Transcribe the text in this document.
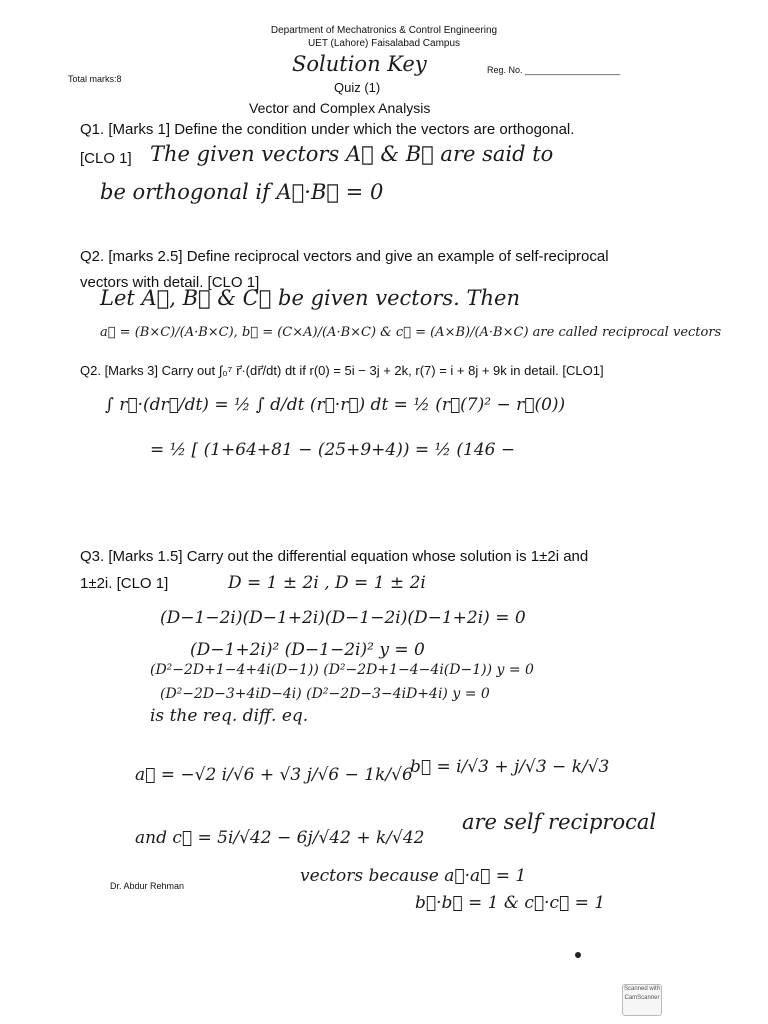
Department of Mechatronics & Control Engineering
UET (Lahore) Faisalabad Campus
Solution Key
Total marks:8
Reg. No. ___________________
Quiz (1)
Vector and Complex Analysis
Q1. [Marks 1] Define the condition under which the vectors are orthogonal.
[CLO 1] The given vectors A⃗ & B⃗ are said to
be orthogonal if A⃗·B⃗ = 0
Q2. [marks 2.5] Define reciprocal vectors and give an example of self-reciprocal
vectors with detail. [CLO 1]
Let A⃗, B⃗ & C⃗ be given vectors. Then
a⃗ = (B×C)/(A·B×C), b⃗ = (C×A)/(A·B×C) & c⃗ = (A×B)/(A·B×C) are called reciprocal vectors
Q2. [Marks 3] Carry out ∫₀⁷ r⃗·(dr⃗/dt) dt if r(0) = 5i − 3j + 2k, r(7) = i + 8j + 9k in detail. [CLO1]
∫ r⃗·(dr⃗/dt) = ½ ∫ d/dt (r⃗·r⃗) dt = ½ (r⃗(7)² − r⃗(0))
= ½ [ (1+64+81 − (25+9+4)) = ½ (146 −
Q3. [Marks 1.5] Carry out the differential equation whose solution is 1±2i and
1±2i. [CLO 1]	D = 1 ± 2i , D = 1 ± 2i
(D−1−2i)(D−1+2i)(D−1−2i)(D−1+2i) = 0
(D−1+2i)² (D−1−2i)² y = 0
(D²−2D+1−4+4i(D−1)) (D²−2D+1−4−4i(D−1)) y = 0
(D²−2D−3+4iD−4i) (D²−2D−3−4iD+4i) y = 0
is the req. diff. eq.
a⃗ = −√2 i/√6 + √3 j/√6 − 1k/√6
b⃗ = i/√3 + j/√3 − k/√3
and c⃗ = 5i/√42 − 6j/√42 + k/√42
are self reciprocal
vectors because a⃗·a⃗ = 1
b⃗·b⃗ = 1 & c⃗·c⃗ = 1
Dr. Abdur Rehman
Scanned with CamScanner
